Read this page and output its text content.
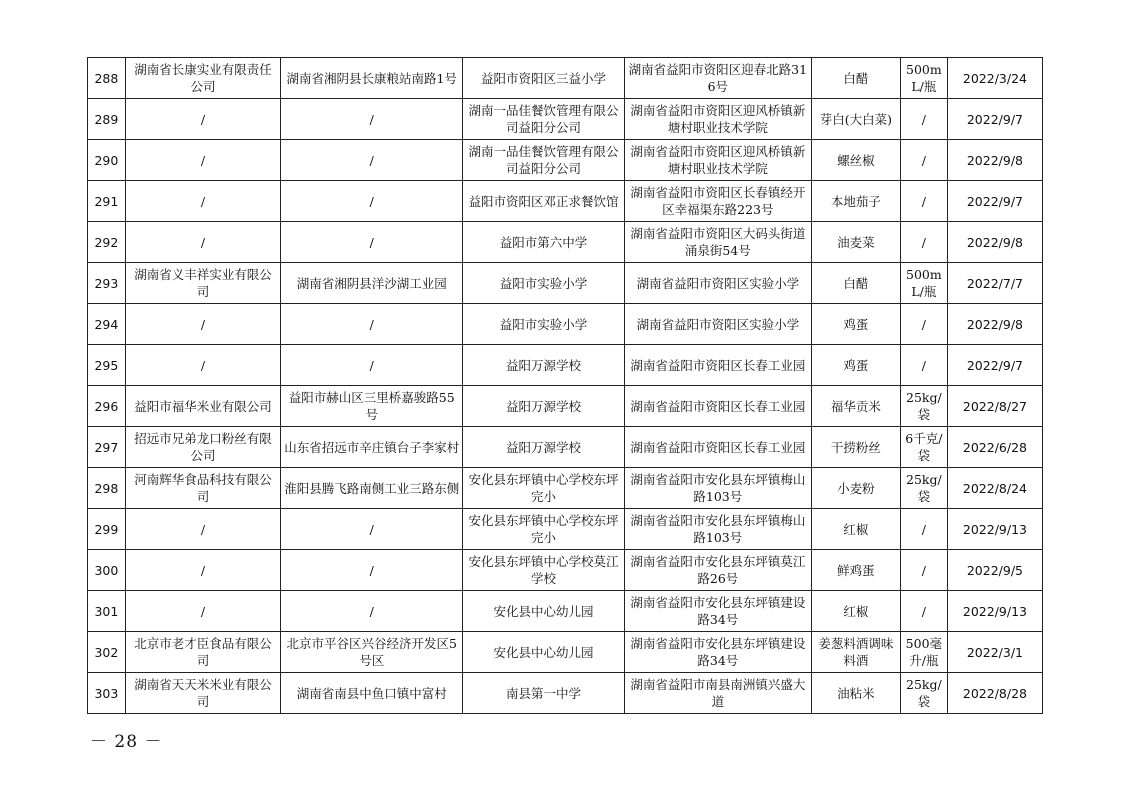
288	湖南省长康实业有限责任公司	湖南省湘阴县长康粮站南路1号	益阳市资阳区三益小学	湖南省益阳市资阳区迎春北路316号	白醋	500mL/瓶	2022/3/24
289	/	/	湖南一品佳餐饮管理有限公司益阳分公司	湖南省益阳市资阳区迎风桥镇新塘村职业技术学院	芽白(大白菜)	/	2022/9/7
290	/	/	湖南一品佳餐饮管理有限公司益阳分公司	湖南省益阳市资阳区迎风桥镇新塘村职业技术学院	螺丝椒	/	2022/9/8
291	/	/	益阳市资阳区邓正求餐饮馆	湖南省益阳市资阳区长春镇经开区幸福渠东路223号	本地茄子	/	2022/9/7
292	/	/	益阳市第六中学	湖南省益阳市资阳区大码头街道涌泉街54号	油麦菜	/	2022/9/8
293	湖南省义丰祥实业有限公司	湖南省湘阴县洋沙湖工业园	益阳市实验小学	湖南省益阳市资阳区实验小学	白醋	500mL/瓶	2022/7/7
294	/	/	益阳市实验小学	湖南省益阳市资阳区实验小学	鸡蛋	/	2022/9/8
295	/	/	益阳万源学校	湖南省益阳市资阳区长春工业园	鸡蛋	/	2022/9/7
296	益阳市福华米业有限公司	益阳市赫山区三里桥嘉骏路55号	益阳万源学校	湖南省益阳市资阳区长春工业园	福华贡米	25kg/袋	2022/8/27
297	招远市兄弟龙口粉丝有限公司	山东省招远市辛庄镇台子李家村	益阳万源学校	湖南省益阳市资阳区长春工业园	干捞粉丝	6千克/袋	2022/6/28
298	河南辉华食品科技有限公司	淮阳县腾飞路南侧工业三路东侧	安化县东坪镇中心学校东坪完小	湖南省益阳市安化县东坪镇梅山路103号	小麦粉	25kg/袋	2022/8/24
299	/	/	安化县东坪镇中心学校东坪完小	湖南省益阳市安化县东坪镇梅山路103号	红椒	/	2022/9/13
300	/	/	安化县东坪镇中心学校莫江学校	湖南省益阳市安化县东坪镇莫江路26号	鲜鸡蛋	/	2022/9/5
301	/	/	安化县中心幼儿园	湖南省益阳市安化县东坪镇建设路34号	红椒	/	2022/9/13
302	北京市老才臣食品有限公司	北京市平谷区兴谷经济开发区5号区	安化县中心幼儿园	湖南省益阳市安化县东坪镇建设路34号	姜葱料酒调味料酒	500毫升/瓶	2022/3/1
303	湖南省天天米米业有限公司	湖南省南县中鱼口镇中富村	南县第一中学	湖南省益阳市南县南洲镇兴盛大道	油粘米	25kg/袋	2022/8/28
－ 28 －
